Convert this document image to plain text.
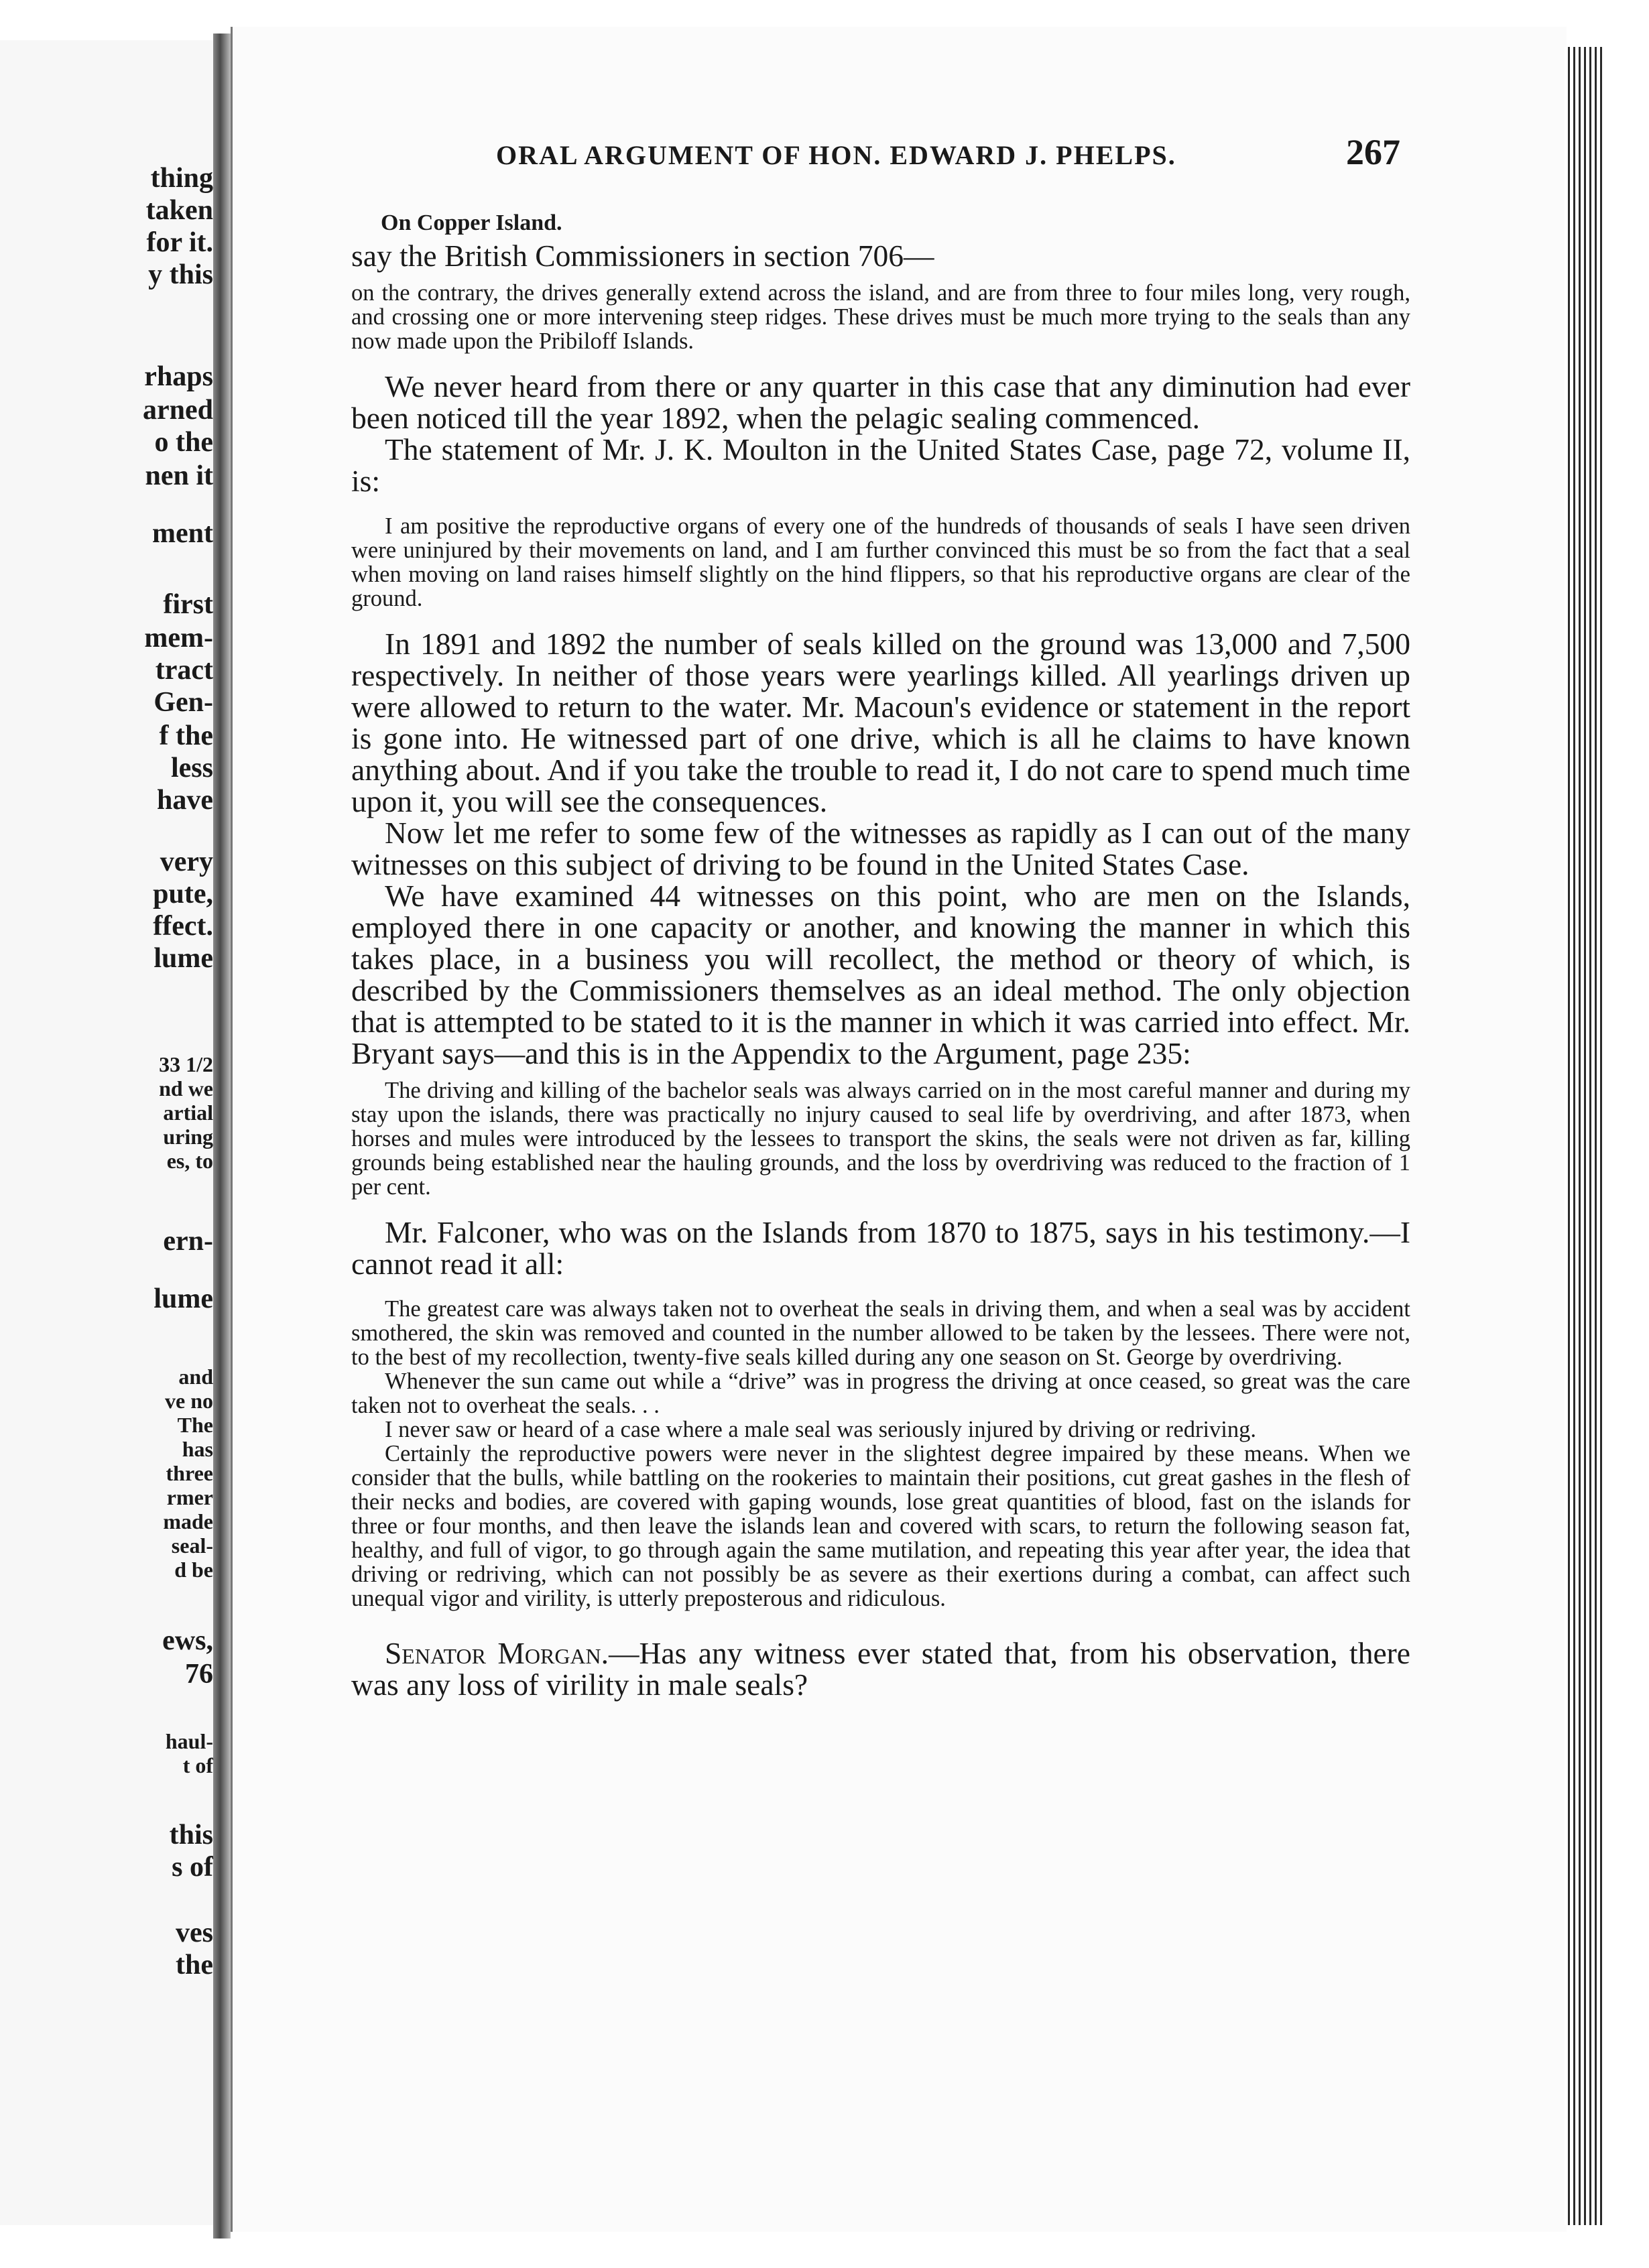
thing
taken
for it.
y this
rhaps
arned
o the
nen it
ment
first
mem-
tract
Gen-
f the
less
have
very
pute,
ffect.
lume
33 1/2
nd we
artial
uring
es, to
ern-
lume
and
ve no
The
has
three
rmer
made
seal-
d be
ews,
76
haul-
t of
this
s of
ves
the
ORAL ARGUMENT OF HON. EDWARD J. PHELPS.	267
On Copper Island.

say the British Commissioners in section 706—

on the contrary, the drives generally extend across the island, and are from three to four miles long, very rough, and crossing one or more intervening steep ridges. These drives must be much more trying to the seals than any now made upon the Pribiloff Islands.

We never heard from there or any quarter in this case that any diminution had ever been noticed till the year 1892, when the pelagic sealing commenced.

The statement of Mr. J. K. Moulton in the United States Case, page 72, volume II, is:

I am positive the reproductive organs of every one of the hundreds of thousands of seals I have seen driven were uninjured by their movements on land, and I am further convinced this must be so from the fact that a seal when moving on land raises himself slightly on the hind flippers, so that his reproductive organs are clear of the ground.

In 1891 and 1892 the number of seals killed on the ground was 13,000 and 7,500 respectively. In neither of those years were yearlings killed. All yearlings driven up were allowed to return to the water. Mr. Macoun's evidence or statement in the report is gone into. He witnessed part of one drive, which is all he claims to have known anything about. And if you take the trouble to read it, I do not care to spend much time upon it, you will see the consequences.

Now let me refer to some few of the witnesses as rapidly as I can out of the many witnesses on this subject of driving to be found in the United States Case.

We have examined 44 witnesses on this point, who are men on the Islands, employed there in one capacity or another, and knowing the manner in which this takes place, in a business you will recollect, the method or theory of which, is described by the Commissioners themselves as an ideal method. The only objection that is attempted to be stated to it is the manner in which it was carried into effect. Mr. Bryant says—and this is in the Appendix to the Argument, page 235:

The driving and killing of the bachelor seals was always carried on in the most careful manner and during my stay upon the islands, there was practically no injury caused to seal life by overdriving, and after 1873, when horses and mules were introduced by the lessees to transport the skins, the seals were not driven as far, killing grounds being established near the hauling grounds, and the loss by overdriving was reduced to the fraction of 1 per cent.

Mr. Falconer, who was on the Islands from 1870 to 1875, says in his testimony.—I cannot read it all:

The greatest care was always taken not to overheat the seals in driving them, and when a seal was by accident smothered, the skin was removed and counted in the number allowed to be taken by the lessees. There were not, to the best of my recollection, twenty-five seals killed during any one season on St. George by overdriving.

Whenever the sun came out while a “drive” was in progress the driving at once ceased, so great was the care taken not to overheat the seals. . .

I never saw or heard of a case where a male seal was seriously injured by driving or redriving.

Certainly the reproductive powers were never in the slightest degree impaired by these means. When we consider that the bulls, while battling on the rookeries to maintain their positions, cut great gashes in the flesh of their necks and bodies, are covered with gaping wounds, lose great quantities of blood, fast on the islands for three or four months, and then leave the islands lean and covered with scars, to return the following season fat, healthy, and full of vigor, to go through again the same mutilation, and repeating this year after year, the idea that driving or redriving, which can not possibly be as severe as their exertions during a combat, can affect such unequal vigor and virility, is utterly preposterous and ridiculous.

Senator Morgan.—Has any witness ever stated that, from his observation, there was any loss of virility in male seals?
